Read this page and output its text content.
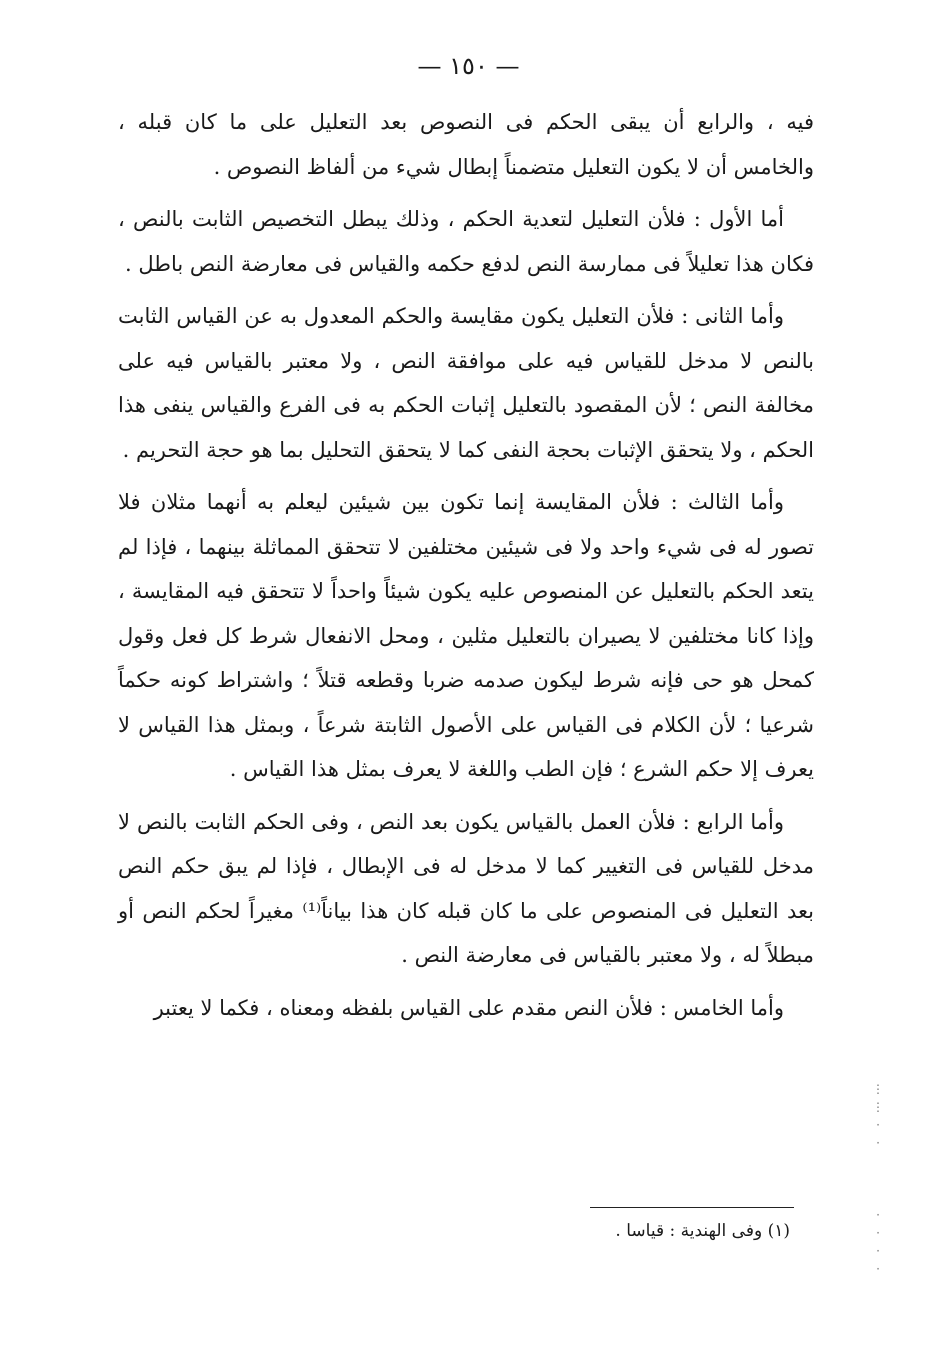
— ١٥٠ —

فيه ، والرابع أن يبقى الحكم فى النصوص بعد التعليل على ما كان قبله ، والخامس أن لا يكون التعليل متضمناً إبطال شيء من ألفاظ النصوص .

أما الأول : فلأن التعليل لتعدية الحكم ، وذلك يبطل التخصيص الثابت بالنص ، فكان هذا تعليلاً فى ممارسة النص لدفع حكمه والقياس فى معارضة النص باطل .

وأما الثانى : فلأن التعليل يكون مقايسة والحكم المعدول به عن القياس الثابت بالنص لا مدخل للقياس فيه على موافقة النص ، ولا معتبر بالقياس فيه على مخالفة النص ؛ لأن المقصود بالتعليل إثبات الحكم به فى الفرع والقياس ينفى هذا الحكم ، ولا يتحقق الإثبات بحجة النفى كما لا يتحقق التحليل بما هو حجة التحريم .

وأما الثالث : فلأن المقايسة إنما تكون بين شيئين ليعلم به أنهما مثلان فلا تصور له فى شيء واحد ولا فى شيئين مختلفين لا تتحقق المماثلة بينهما ، فإذا لم يتعد الحكم بالتعليل عن المنصوص عليه يكون شيئاً واحداً لا تتحقق فيه المقايسة ، وإذا كانا مختلفين لا يصيران بالتعليل مثلين ، ومحل الانفعال شرط كل فعل وقول كمحل هو حى فإنه شرط ليكون صدمه ضربا وقطعه قتلاً ؛ واشتراط كونه حكماً شرعيا ؛ لأن الكلام فى القياس على الأصول الثابتة شرعاً ، وبمثل هذا القياس لا يعرف إلا حكم الشرع ؛ فإن الطب واللغة لا يعرف بمثل هذا القياس .

وأما الرابع : فلأن العمل بالقياس يكون بعد النص ، وفى الحكم الثابت بالنص لا مدخل للقياس فى التغيير كما لا مدخل له فى الإبطال ، فإذا لم يبق حكم النص بعد التعليل فى المنصوص على ما كان قبله كان هذا بياناً⁽¹⁾ مغيراً لحكم النص أو مبطلاً له ، ولا معتبر بالقياس فى معارضة النص .

وأما الخامس : فلأن النص مقدم على القياس بلفظه ومعناه ، فكما لا يعتبر

(١) وفى الهندية : قياسا .
⋮
⋮
·
·

·
·
·
·
